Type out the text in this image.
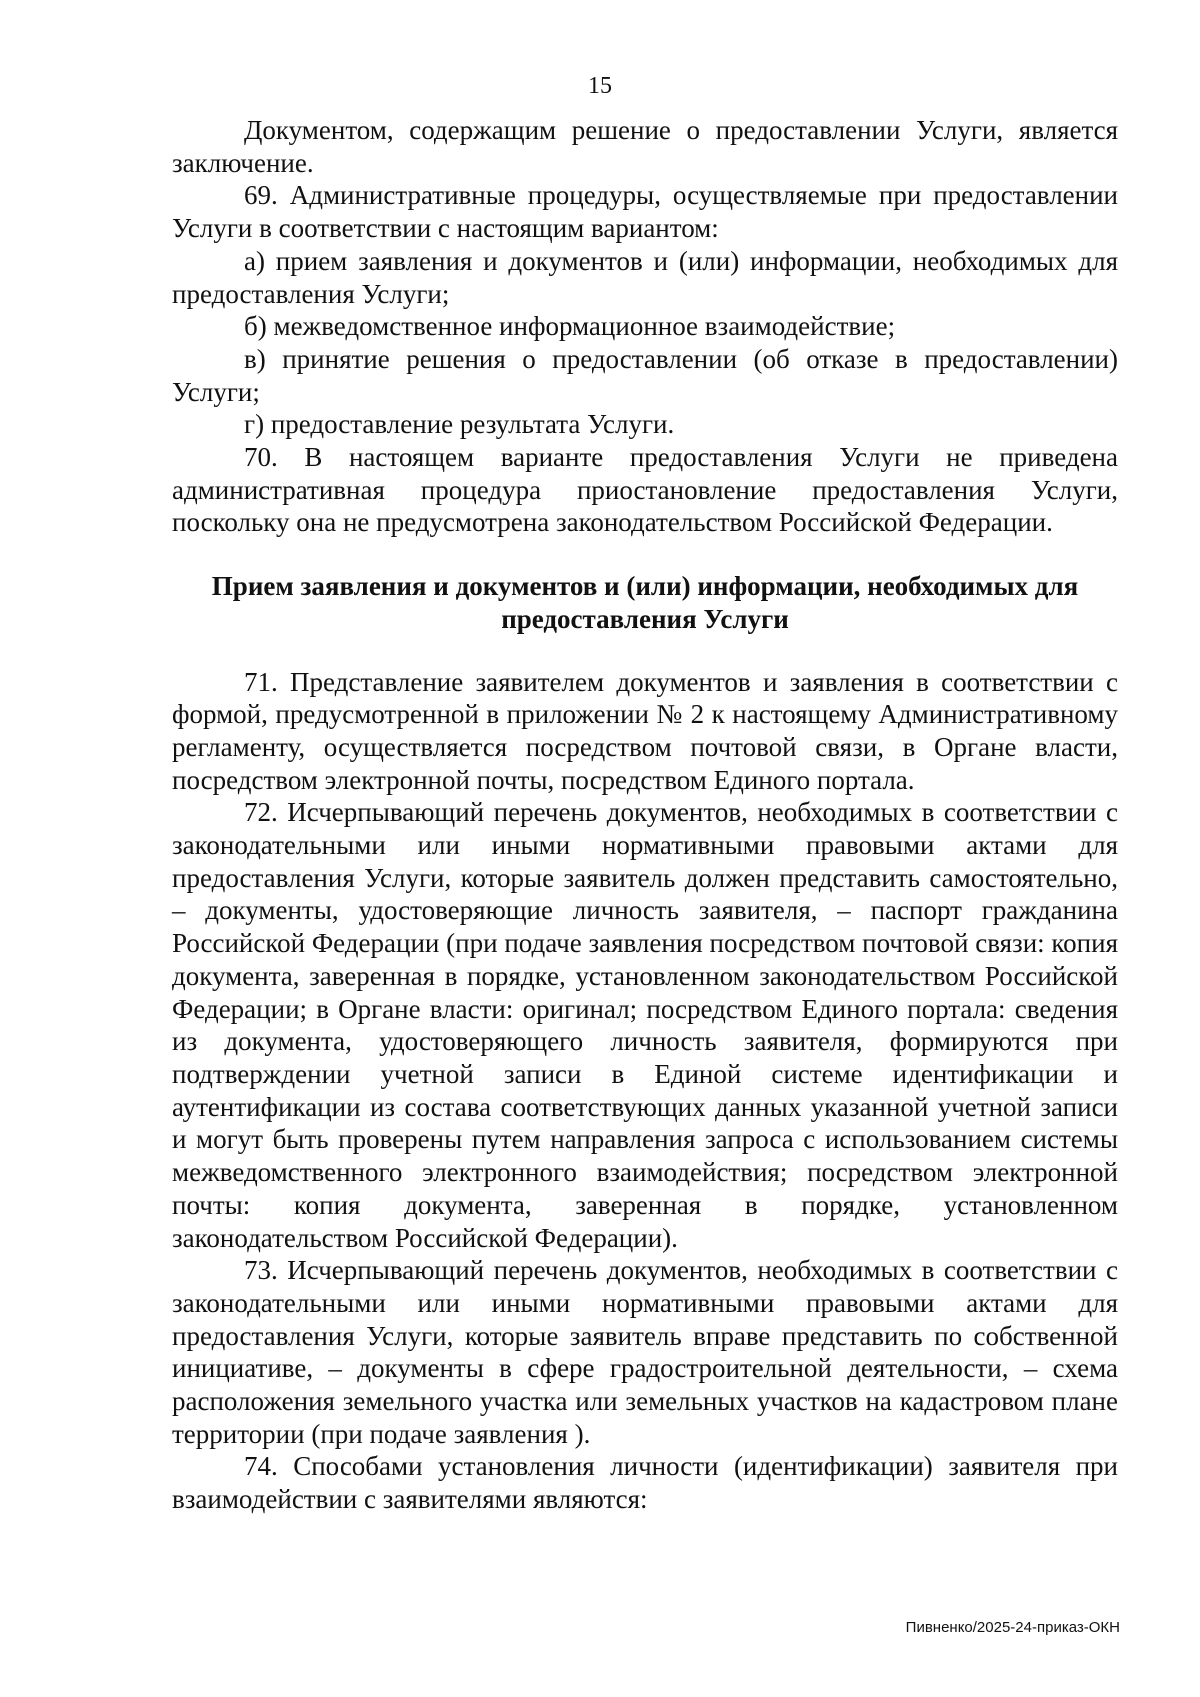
15

Документом, содержащим решение о предоставлении Услуги, является заключение.

69. Административные процедуры, осуществляемые при предоставлении Услуги в соответствии с настоящим вариантом:

а) прием заявления и документов и (или) информации, необходимых для предоставления Услуги;

б) межведомственное информационное взаимодействие;

в) принятие решения о предоставлении (об отказе в предоставлении) Услуги;

г) предоставление результата Услуги.

70. В настоящем варианте предоставления Услуги не приведена административная процедура приостановление предоставления Услуги, поскольку она не предусмотрена законодательством Российской Федерации.

Прием заявления и документов и (или) информации, необходимых для предоставления Услуги

71. Представление заявителем документов и заявления в соответствии с формой, предусмотренной в приложении № 2 к настоящему Административному регламенту, осуществляется посредством почтовой связи, в Органе власти, посредством электронной почты, посредством Единого портала.

72. Исчерпывающий перечень документов, необходимых в соответствии с законодательными или иными нормативными правовыми актами для предоставления Услуги, которые заявитель должен представить самостоятельно, – документы, удостоверяющие личность заявителя, – паспорт гражданина Российской Федерации (при подаче заявления посредством почтовой связи: копия документа, заверенная в порядке, установленном законодательством Российской Федерации; в Органе власти: оригинал; посредством Единого портала: сведения из документа, удостоверяющего личность заявителя, формируются при подтверждении учетной записи в Единой системе идентификации и аутентификации из состава соответствующих данных указанной учетной записи и могут быть проверены путем направления запроса с использованием системы межведомственного электронного взаимодействия; посредством электронной почты: копия документа, заверенная в порядке, установленном законодательством Российской Федерации).

73. Исчерпывающий перечень документов, необходимых в соответствии с законодательными или иными нормативными правовыми актами для предоставления Услуги, которые заявитель вправе представить по собственной инициативе, – документы в сфере градостроительной деятельности, – схема расположения земельного участка или земельных участков на кадастровом плане территории (при подаче заявления ).

74. Способами установления личности (идентификации) заявителя при взаимодействии с заявителями являются:

Пивненко/2025-24-приказ-ОКН
